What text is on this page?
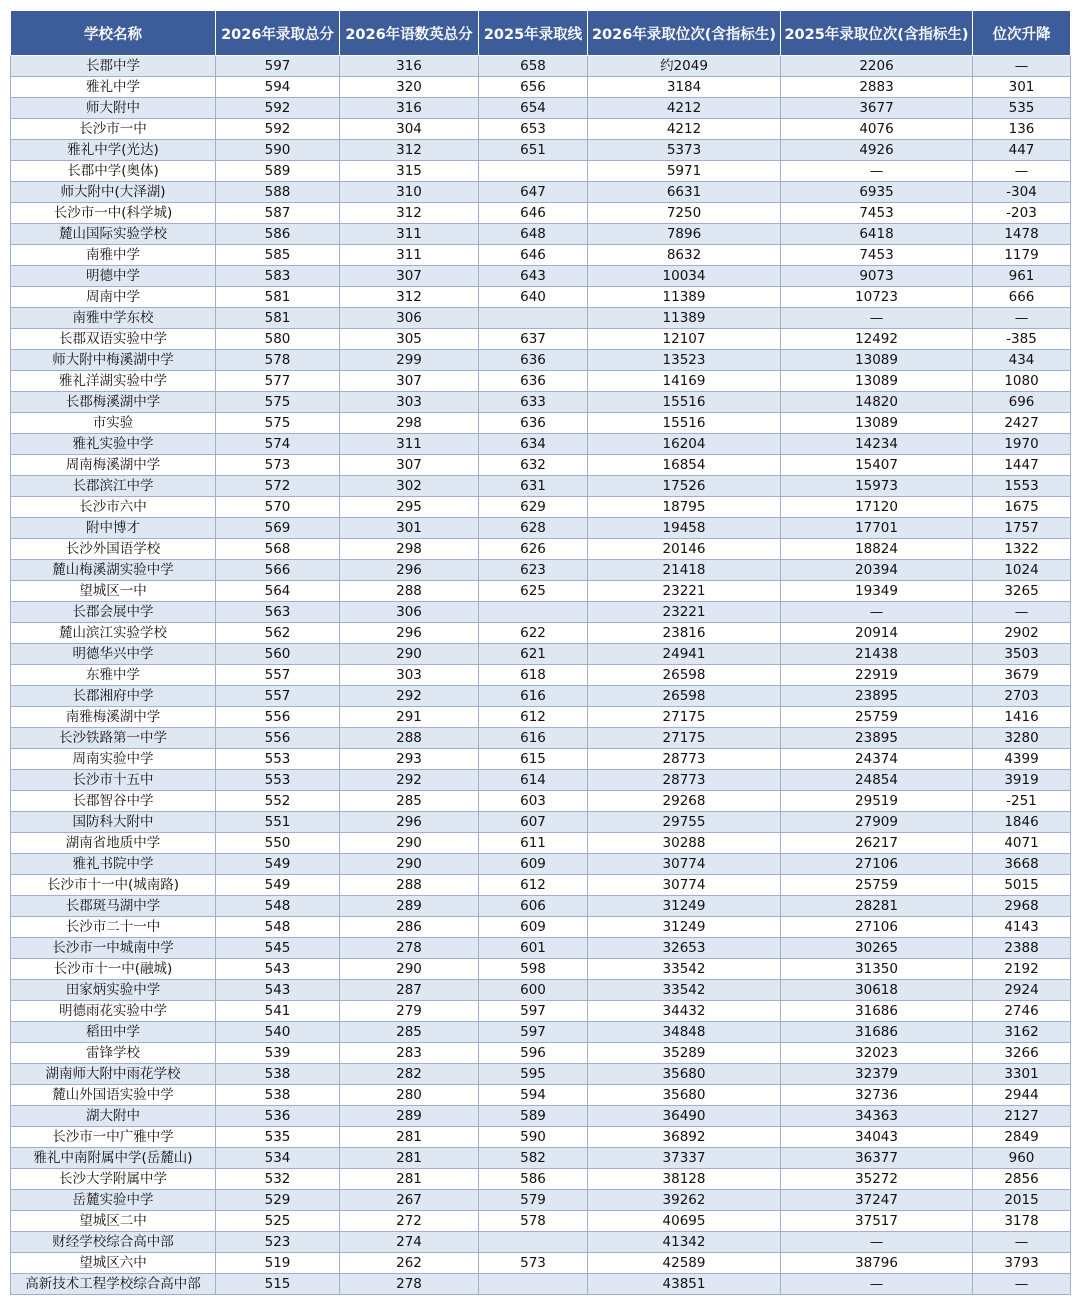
学校名称	2026年录取总分	2026年语数英总分	2025年录取线	2026年录取位次(含指标生)	2025年录取位次(含指标生)	位次升降
长郡中学	597	316	658	约2049	2206	—
雅礼中学	594	320	656	3184	2883	301
师大附中	592	316	654	4212	3677	535
长沙市一中	592	304	653	4212	4076	136
雅礼中学(光达)	590	312	651	5373	4926	447
长郡中学(奥体)	589	315		5971	—	—
师大附中(大泽湖)	588	310	647	6631	6935	-304
长沙市一中(科学城)	587	312	646	7250	7453	-203
麓山国际实验学校	586	311	648	7896	6418	1478
南雅中学	585	311	646	8632	7453	1179
明德中学	583	307	643	10034	9073	961
周南中学	581	312	640	11389	10723	666
南雅中学东校	581	306		11389	—	—
长郡双语实验中学	580	305	637	12107	12492	-385
师大附中梅溪湖中学	578	299	636	13523	13089	434
雅礼洋湖实验中学	577	307	636	14169	13089	1080
长郡梅溪湖中学	575	303	633	15516	14820	696
市实验	575	298	636	15516	13089	2427
雅礼实验中学	574	311	634	16204	14234	1970
周南梅溪湖中学	573	307	632	16854	15407	1447
长郡滨江中学	572	302	631	17526	15973	1553
长沙市六中	570	295	629	18795	17120	1675
附中博才	569	301	628	19458	17701	1757
长沙外国语学校	568	298	626	20146	18824	1322
麓山梅溪湖实验中学	566	296	623	21418	20394	1024
望城区一中	564	288	625	23221	19349	3265
长郡会展中学	563	306		23221	—	—
麓山滨江实验学校	562	296	622	23816	20914	2902
明德华兴中学	560	290	621	24941	21438	3503
东雅中学	557	303	618	26598	22919	3679
长郡湘府中学	557	292	616	26598	23895	2703
南雅梅溪湖中学	556	291	612	27175	25759	1416
长沙铁路第一中学	556	288	616	27175	23895	3280
周南实验中学	553	293	615	28773	24374	4399
长沙市十五中	553	292	614	28773	24854	3919
长郡智谷中学	552	285	603	29268	29519	-251
国防科大附中	551	296	607	29755	27909	1846
湖南省地质中学	550	290	611	30288	26217	4071
雅礼书院中学	549	290	609	30774	27106	3668
长沙市十一中(城南路)	549	288	612	30774	25759	5015
长郡斑马湖中学	548	289	606	31249	28281	2968
长沙市二十一中	548	286	609	31249	27106	4143
长沙市一中城南中学	545	278	601	32653	30265	2388
长沙市十一中(融城)	543	290	598	33542	31350	2192
田家炳实验中学	543	287	600	33542	30618	2924
明德雨花实验中学	541	279	597	34432	31686	2746
稻田中学	540	285	597	34848	31686	3162
雷锋学校	539	283	596	35289	32023	3266
湖南师大附中雨花学校	538	282	595	35680	32379	3301
麓山外国语实验中学	538	280	594	35680	32736	2944
湖大附中	536	289	589	36490	34363	2127
长沙市一中广雅中学	535	281	590	36892	34043	2849
雅礼中南附属中学(岳麓山)	534	281	582	37337	36377	960
长沙大学附属中学	532	281	586	38128	35272	2856
岳麓实验中学	529	267	579	39262	37247	2015
望城区二中	525	272	578	40695	37517	3178
财经学校综合高中部	523	274		41342	—	—
望城区六中	519	262	573	42589	38796	3793
高新技术工程学校综合高中部	515	278		43851	—	—
